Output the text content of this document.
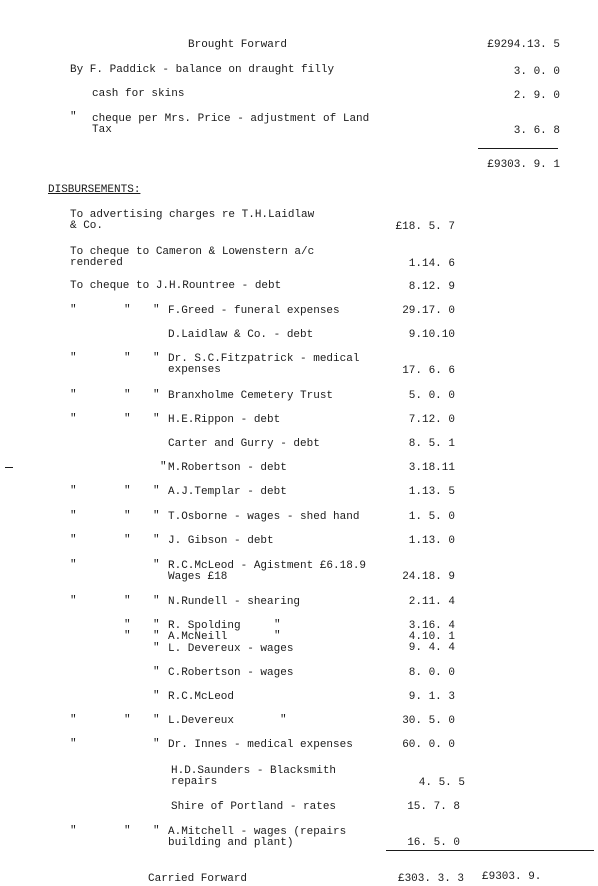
Brought Forward	£9294.13. 5
By F. Paddick - balance on draught filly	3. 0. 0
cash for skins	2. 9. 0
" cheque per Mrs. Price - adjustment of Land
Tax	3. 6. 8
£9303. 9. 1
DISBURSEMENTS:
To advertising charges re T.H.Laidlaw
& Co.	£18. 5. 7
To cheque to Cameron & Lowenstern a/c
rendered	1.14. 6
To cheque to J.H.Rountree - debt	8.12. 9
"	" " F.Greed - funeral expenses	29.17. 0
D.Laidlaw & Co. - debt	9.10.10
"	" " Dr. S.C.Fitzpatrick - medical
expenses	17. 6. 6
"	" " Branxholme Cemetery Trust	5. 0. 0
"	" " H.E.Rippon - debt	7.12. 0
Carter and Gurry - debt	8. 5. 1
" M.Robertson - debt	3.18.11
"	" " A.J.Templar - debt	1.13. 5
"	" " T.Osborne - wages - shed hand	1. 5. 0
"	" " J. Gibson - debt	1.13. 0
"	" R.C.McLeod - Agistment £6.18.9
Wages £18	24.18. 9
"	" " N.Rundell - shearing	2.11. 4
" " R. Spolding	"	3.16. 4
" " A.McNeill	"	4.10. 1
" L. Devereux - wages	9. 4. 4
" C.Robertson - wages	8. 0. 0
" R.C.McLeod	9. 1. 3
"	" " L.Devereux	"	30. 5. 0
"	" Dr. Innes - medical expenses	60. 0. 0
H.D.Saunders - Blacksmith
repairs	4. 5. 5
Shire of Portland - rates	15. 7. 8
"	" " A.Mitchell - wages (repairs
building and plant)	16. 5. 0
Carried Forward	£303. 3. 3 £9303. 9.
